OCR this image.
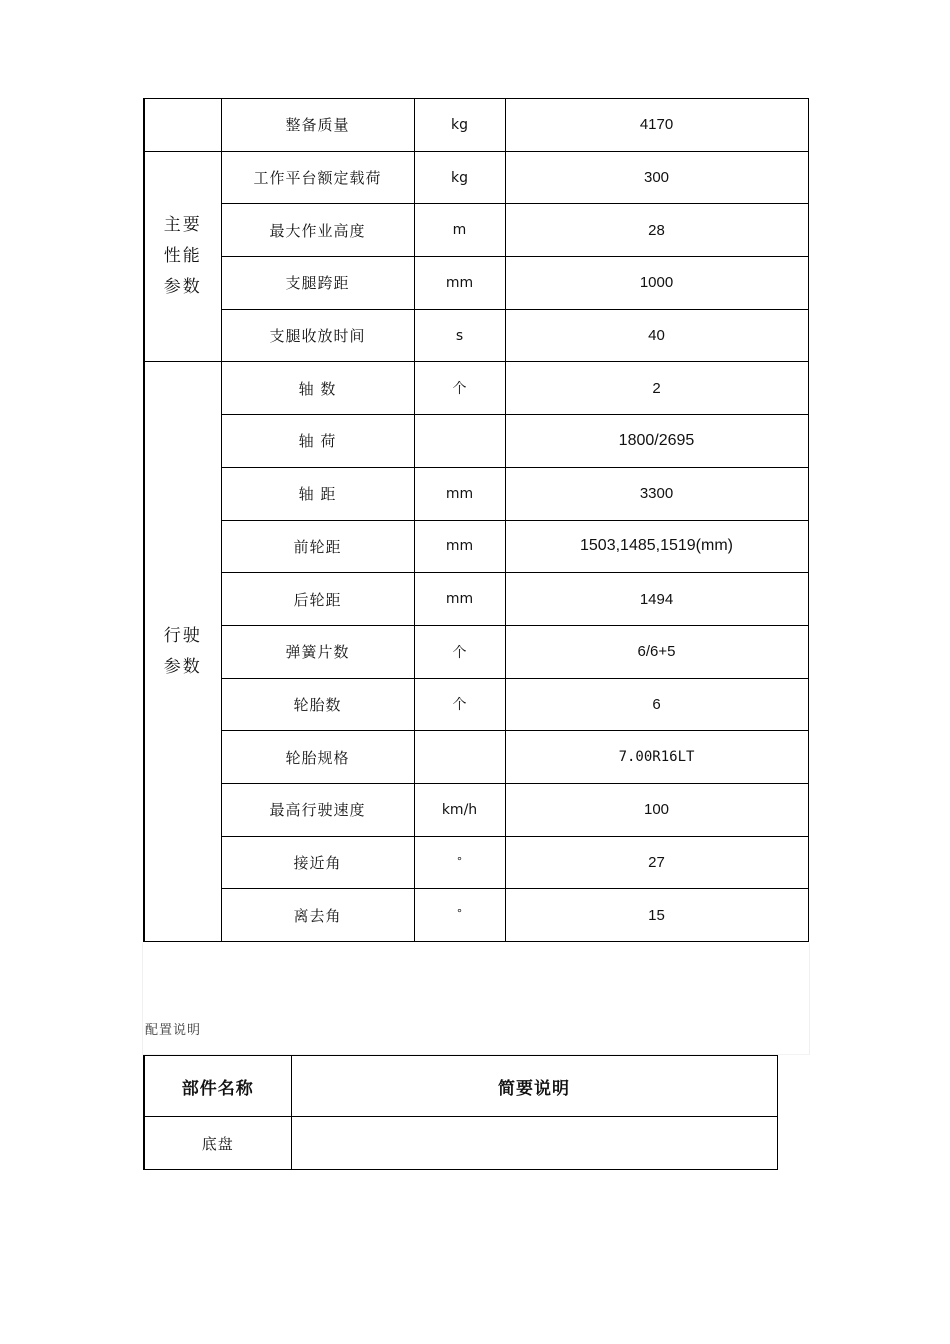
	整备质量	kg	4170

主要
性能
参数	工作平台额定载荷	kg	300
	最大作业高度	m	28
	支腿跨距	mm	1000
	支腿收放时间	s	40

行驶
参数	轴 数	个	2
	轴 荷		1800/2695
	轴 距	mm	3300
	前轮距	mm	1503,1485,1519(mm)
	后轮距	mm	1494
	弹簧片数	个	6/6+5
	轮胎数	个	6
	轮胎规格		7.00R16LT
	最高行驶速度	km/h	100
	接近角	°	27
	离去角	°	15
配置说明
部件名称	简要说明
底盘	
